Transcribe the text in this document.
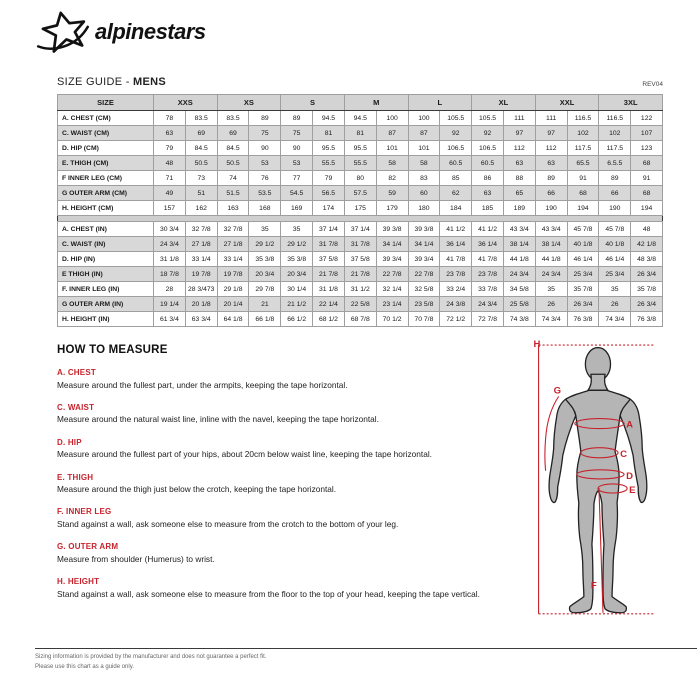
alpinestars
SIZE GUIDE - MENS	REV04
SIZE	XXS		XS		S		M		L		XL		XXL		3XL	
A. CHEST (CM)	78	83.5	83.5	89	89	94.5	94.5	100	100	105.5	105.5	111	111	116.5	116.5	122
C. WAIST (CM)	63	69	69	75	75	81	81	87	87	92	92	97	97	102	102	107
D. HIP (CM)	79	84.5	84.5	90	90	95.5	95.5	101	101	106.5	106.5	112	112	117.5	117.5	123
E. THIGH (CM)	48	50.5	50.5	53	53	55.5	55.5	58	58	60.5	60.5	63	63	65.5	6.5.5	68
F INNER LEG (CM)	71	73	74	76	77	79	80	82	83	85	86	88	89	91	89	91
G OUTER ARM (CM)	49	51	51.5	53.5	54.5	56.5	57.5	59	60	62	63	65	66	68	66	68
H. HEIGHT (CM)	157	162	163	168	169	174	175	179	180	184	185	189	190	194	190	194

A. CHEST (IN)	30 3/4	32 7/8	32 7/8	35	35	37 1/4	37 1/4	39 3/8	39 3/8	41 1/2	41 1/2	43 3/4	43 3/4	45 7/8	45 7/8	48
C. WAIST (IN)	24 3/4	27 1/8	27 1/8	29 1/2	29 1/2	31 7/8	31 7/8	34 1/4	34 1/4	36 1/4	36 1/4	38 1/4	38 1/4	40 1/8	40 1/8	42 1/8
D. HIP (IN)	31 1/8	33 1/4	33 1/4	35 3/8	35 3/8	37 5/8	37 5/8	39 3/4	39 3/4	41 7/8	41 7/8	44 1/8	44 1/8	46 1/4	46 1/4	48 3/8
E THIGH (IN)	18 7/8	19 7/8	19 7/8	20 3/4	20 3/4	21 7/8	21 7/8	22 7/8	22 7/8	23 7/8	23 7/8	24 3/4	24 3/4	25 3/4	25 3/4	26 3/4
F. INNER LEG (IN)	28	28 3/473	29 1/8	29 7/8	30 1/4	31 1/8	31 1/2	32 1/4	32 5/8	33 2/4	33 7/8	34 5/8	35	35 7/8	35	35 7/8
G OUTER ARM (IN)	19 1/4	20 1/8	20 1/4	21	21 1/2	22 1/4	22 5/8	23 1/4	23 5/8	24 3/8	24 3/4	25 5/8	26	26 3/4	26	26 3/4
H. HEIGHT (IN)	61 3/4	63 3/4	64 1/8	66 1/8	66 1/2	68 1/2	68 7/8	70 1/2	70 7/8	72 1/2	72 7/8	74 3/8	74 3/4	76 3/8	74 3/4	76 3/8
HOW TO MEASURE
A. CHEST
Measure around the fullest part, under the armpits, keeping the tape horizontal.
C. WAIST
Measure around the natural waist line, inline with the navel, keeping the tape horizontal.
D. HIP
Measure around the fullest part of your hips, about 20cm below waist line, keeping the tape horizontal.
E. THIGH
Measure around the thigh just below the crotch, keeping the tape horizontal.
F. INNER LEG
Stand against a wall, ask someone else to measure from the crotch to the bottom of your leg.
G. OUTER ARM
Measure from shoulder (Humerus) to wrist.
H. HEIGHT
Stand against a wall, ask someone else to measure from the floor to the top of your head, keeping the tape vertical.
H
G
A
C
D
E
F
Sizing information is provided by the manufacturer and does not guarantee a perfect fit.
Please use this chart as a guide only.
